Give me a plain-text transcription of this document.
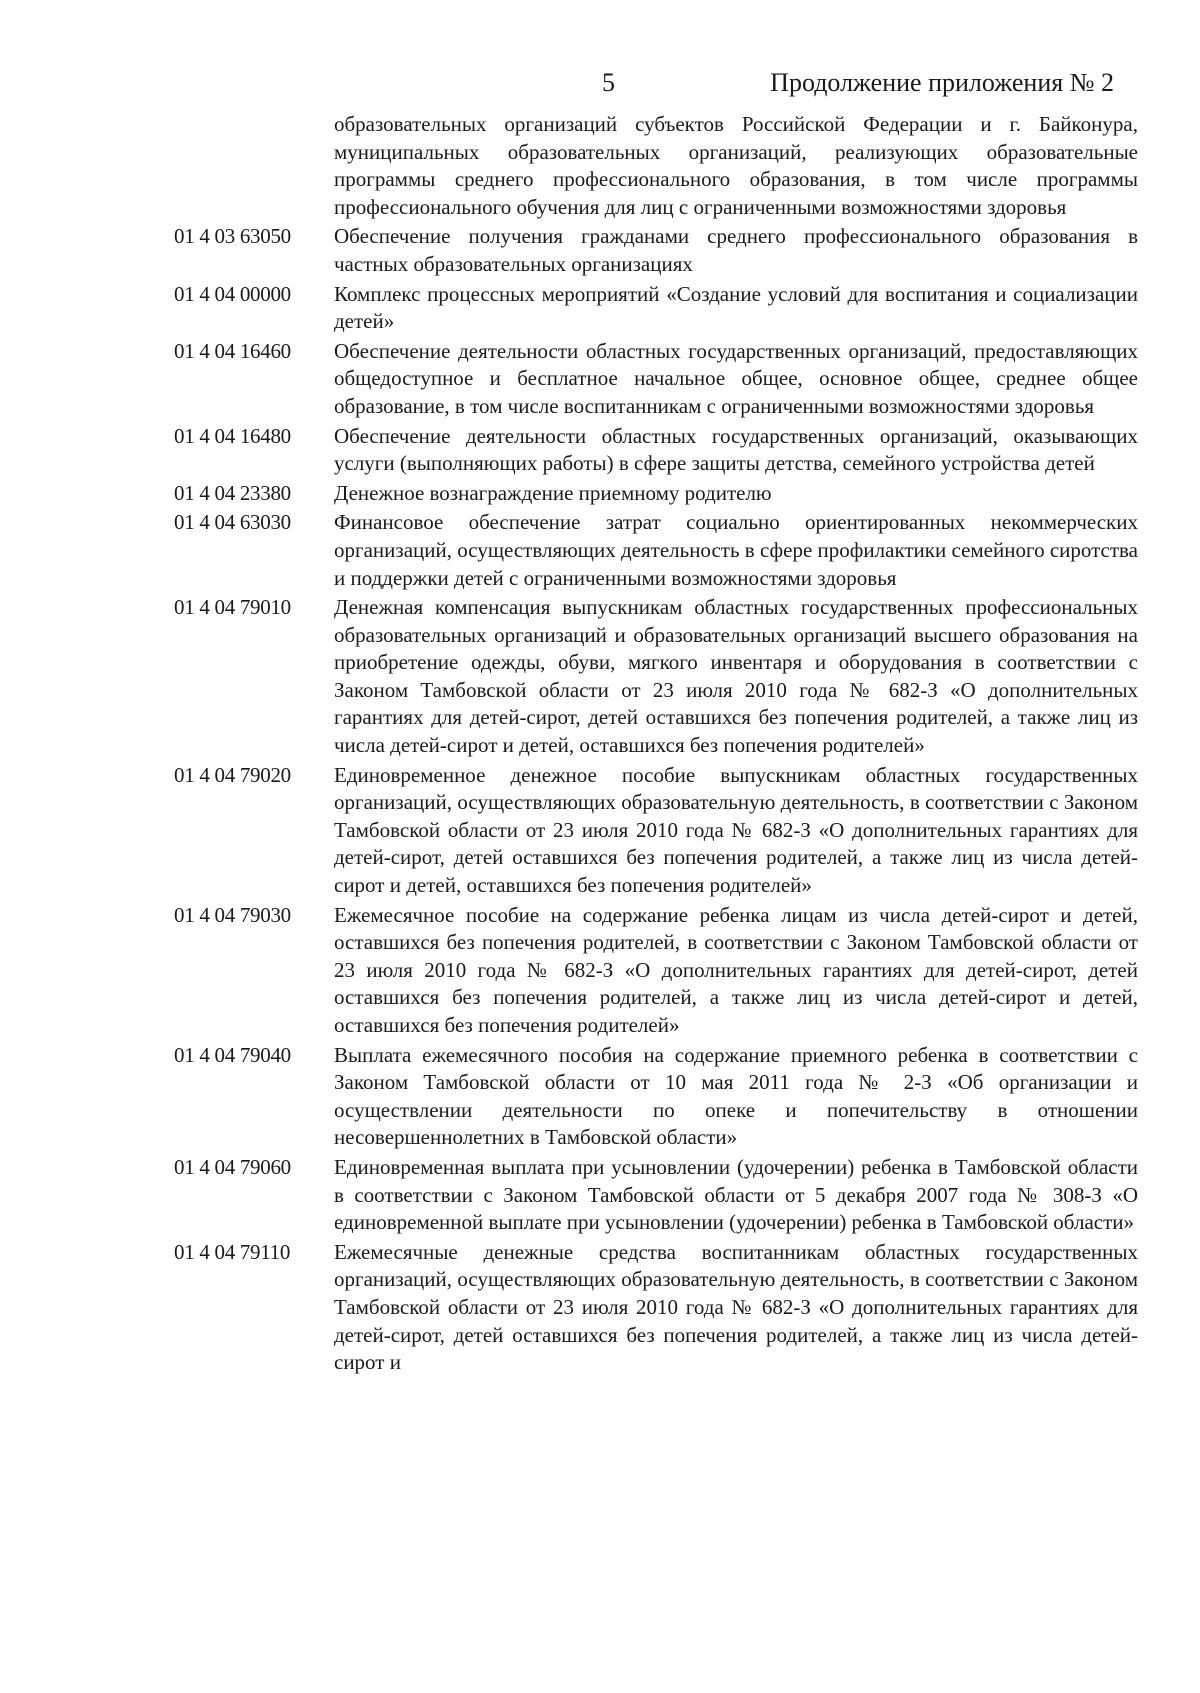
5	Продолжение приложения № 2
образовательных организаций субъектов Российской Федерации и г. Байконура, муниципальных образовательных организаций, реализующих образовательные программы среднего профессионального образования, в том числе программы профессионального обучения для лиц с ограниченными возможностями здоровья
01 4 03 63050	Обеспечение получения гражданами среднего профессионального образования в частных образовательных организациях
01 4 04 00000	Комплекс процессных мероприятий «Создание условий для воспитания и социализации детей»
01 4 04 16460	Обеспечение деятельности областных государственных организаций, предоставляющих общедоступное и бесплатное начальное общее, основное общее, среднее общее образование, в том числе воспитанникам с ограниченными возможностями здоровья
01 4 04 16480	Обеспечение деятельности областных государственных организаций, оказывающих услуги (выполняющих работы) в сфере защиты детства, семейного устройства детей
01 4 04 23380	Денежное вознаграждение приемному родителю
01 4 04 63030	Финансовое обеспечение затрат социально ориентированных некоммерческих организаций, осуществляющих деятельность в сфере профилактики семейного сиротства и поддержки детей с ограниченными возможностями здоровья
01 4 04 79010	Денежная компенсация выпускникам областных государственных профессиональных образовательных организаций и образовательных организаций высшего образования на приобретение одежды, обуви, мягкого инвентаря и оборудования в соответствии с Законом Тамбовской области от 23 июля 2010 года № 682-З «О дополнительных гарантиях для детей-сирот, детей оставшихся без попечения родителей, а также лиц из числа детей-сирот и детей, оставшихся без попечения родителей»
01 4 04 79020	Единовременное денежное пособие выпускникам областных государственных организаций, осуществляющих образовательную деятельность, в соответствии с Законом Тамбовской области от 23 июля 2010 года № 682-З «О дополнительных гарантиях для детей-сирот, детей оставшихся без попечения родителей, а также лиц из числа детей-сирот и детей, оставшихся без попечения родителей»
01 4 04 79030	Ежемесячное пособие на содержание ребенка лицам из числа детей-сирот и детей, оставшихся без попечения родителей, в соответствии с Законом Тамбовской области от 23 июля 2010 года № 682-З «О дополнительных гарантиях для детей-сирот, детей оставшихся без попечения родителей, а также лиц из числа детей-сирот и детей, оставшихся без попечения родителей»
01 4 04 79040	Выплата ежемесячного пособия на содержание приемного ребенка в соответствии с Законом Тамбовской области от 10 мая 2011 года № 2-З «Об организации и осуществлении деятельности по опеке и попечительству в отношении несовершеннолетних в Тамбовской области»
01 4 04 79060	Единовременная выплата при усыновлении (удочерении) ребенка в Тамбовской области в соответствии с Законом Тамбовской области от 5 декабря 2007 года № 308-З «О единовременной выплате при усыновлении (удочерении) ребенка в Тамбовской области»
01 4 04 79110	Ежемесячные денежные средства воспитанникам областных государственных организаций, осуществляющих образовательную деятельность, в соответствии с Законом Тамбовской области от 23 июля 2010 года № 682-З «О дополнительных гарантиях для детей-сирот, детей оставшихся без попечения родителей, а также лиц из числа детей-сирот и
